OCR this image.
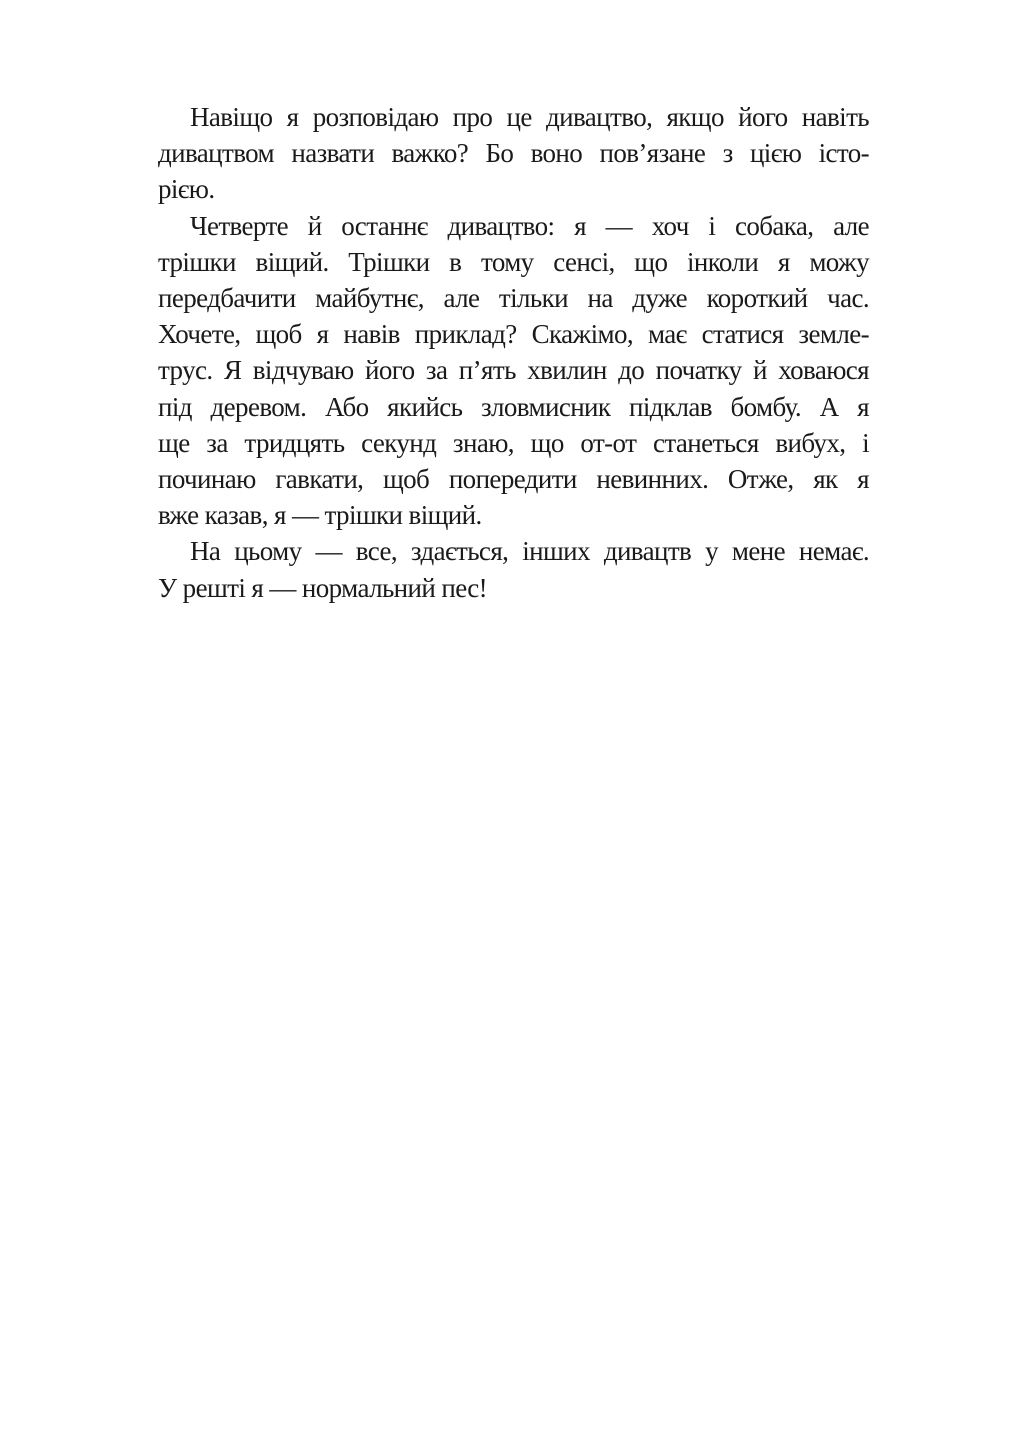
Навіщо я розповідаю про це дивацтво, якщо його навіть
дивацтвом назвати важко? Бо воно пов’язане з цією істо-
рією.

Четверте й останнє дивацтво: я — хоч і собака, але
трішки віщий. Трішки в тому сенсі, що інколи я можу
передбачити майбутнє, але тільки на дуже короткий час.
Хочете, щоб я навів приклад? Скажімо, має статися земле-
трус. Я відчуваю його за п’ять хвилин до початку й ховаюся
під деревом. Або якийсь зловмисник підклав бомбу. А я
ще за тридцять секунд знаю, що от-от станеться вибух, і
починаю гавкати, щоб попередити невинних. Отже, як я
вже казав, я — трішки віщий.

На цьому — все, здається, інших дивацтв у мене немає.
У решті я — нормальний пес!
